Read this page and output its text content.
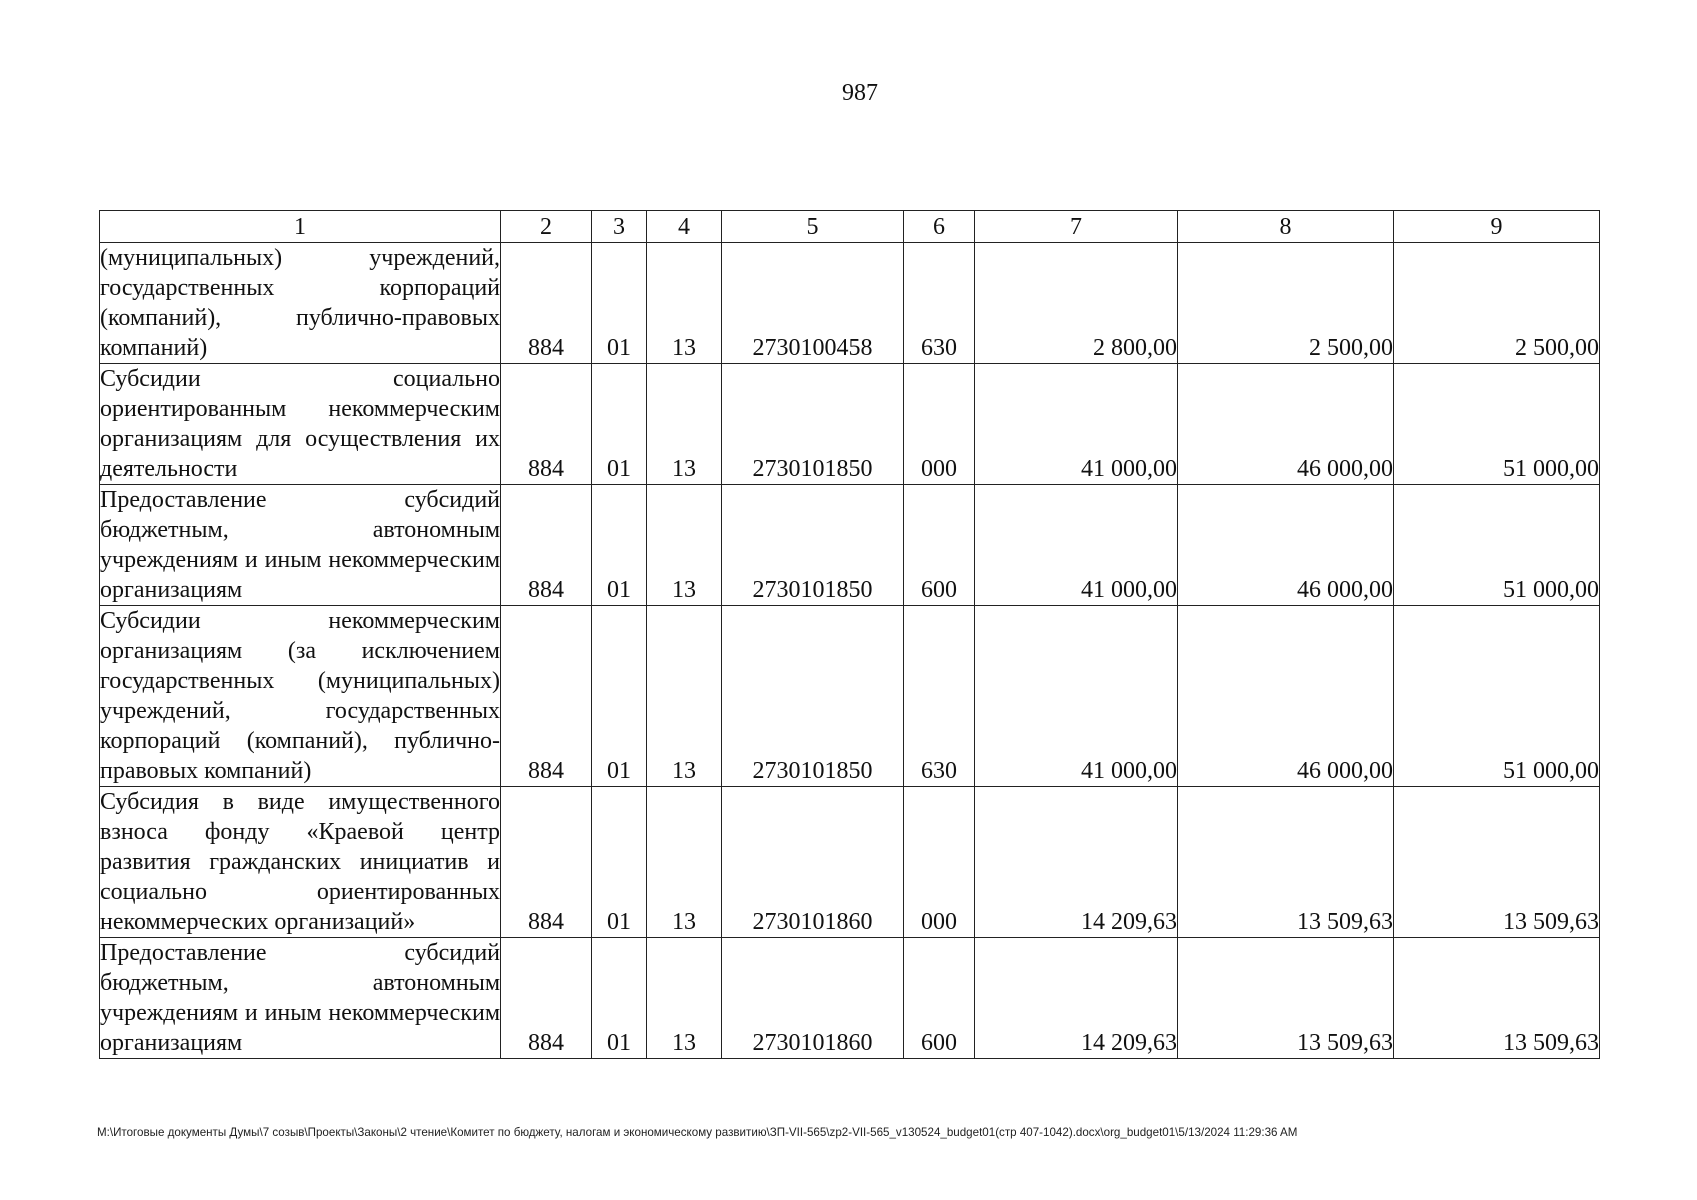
987
1	2	3	4	5	6	7	8	9
(муниципальных) учреждений, государственных корпораций (компаний), публично-правовых компаний)	884	01	13	2730100458	630	2 800,00	2 500,00	2 500,00
Субсидии социально ориентированным некоммерческим организациям для осуществления их деятельности	884	01	13	2730101850	000	41 000,00	46 000,00	51 000,00
Предоставление субсидий бюджетным, автономным учреждениям и иным некоммерческим организациям	884	01	13	2730101850	600	41 000,00	46 000,00	51 000,00
Субсидии некоммерческим организациям (за исключением государственных (муниципальных) учреждений, государственных корпораций (компаний), публично-правовых компаний)	884	01	13	2730101850	630	41 000,00	46 000,00	51 000,00
Субсидия в виде имущественного взноса фонду «Краевой центр развития гражданских инициатив и социально ориентированных некоммерческих организаций»	884	01	13	2730101860	000	14 209,63	13 509,63	13 509,63
Предоставление субсидий бюджетным, автономным учреждениям и иным некоммерческим организациям	884	01	13	2730101860	600	14 209,63	13 509,63	13 509,63
M:\Итоговые документы Думы\7 созыв\Проекты\Законы\2 чтение\Комитет по бюджету, налогам и экономическому развитию\ЗП-VII-565\zp2-VII-565_v130524_budget01(стр 407-1042).docx\org_budget01\5/13/2024 11:29:36 AM
